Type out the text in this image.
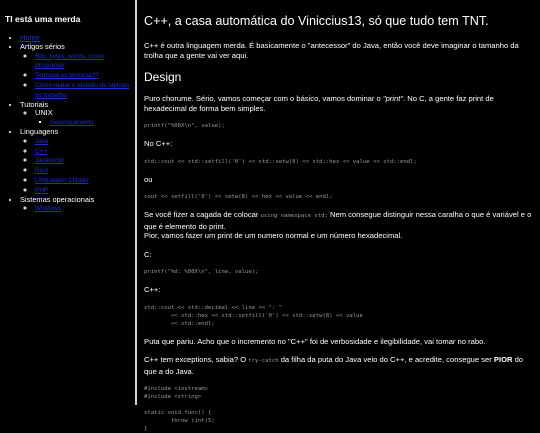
TI está uma merda
• Home
• Artigos sérios
◦ Bits, bytes, words, como programar
◦ Terminal vs terminal??
◦ Como matar o teclado de laptops do trabalho
• Tutoriais
◦ UNIX
▪ Gerenciamento
• Linguagens
◦ Java
◦ C++
◦ Javascript
◦ Rust
◦ Linguagem Clipper
◦ PHP
• Sistemas operacionais
◦ Windows
C++, a casa automática do Viniccius13, só que tudo tem TNT.

C++ é outra linguagem merda. É basicamente o "antecessor" do Java, então você deve imaginar o tamanho da trolha que a gente vai ver aqui.

Design

Puro chorume. Sério, vamos começar com o básico, vamos dominar o "print". No C, a gente faz print de hexadecimal de forma bem simples.

printf("%08X\n", value);

No C++:

std::cout << std::setfill('0') << std::setw(8) << std::hex << value << std::endl;

ou

cout << setfill('0') << setw(8) << hex << value << endl;

Se você fizer a cagada de colocar using namespace std; Nem consegue distinguir nessa caralha o que é variável e o que é elemento do print.
Pior, vamos fazer um print de um numero normal e um número hexadecimal.

C:

printf("%d: %08X\n", line, value);

C++:

std::cout << std::decimal << line << ": "
<< std::hex << std::setfill('0') << std::setw(8) << value
<< std::endl;

Puta que pariu. Acho que o incremento no "C++" foi de verbosidade e ilegibilidade, vai tomar no rabo.

C++ tem exceptions, sabia? O try-catch da filha da puta do Java veio do C++, e acredite, consegue ser PIOR do que a do Java.

#include <iostream>
#include <string>

static void func() {
throw (int)5;
}
